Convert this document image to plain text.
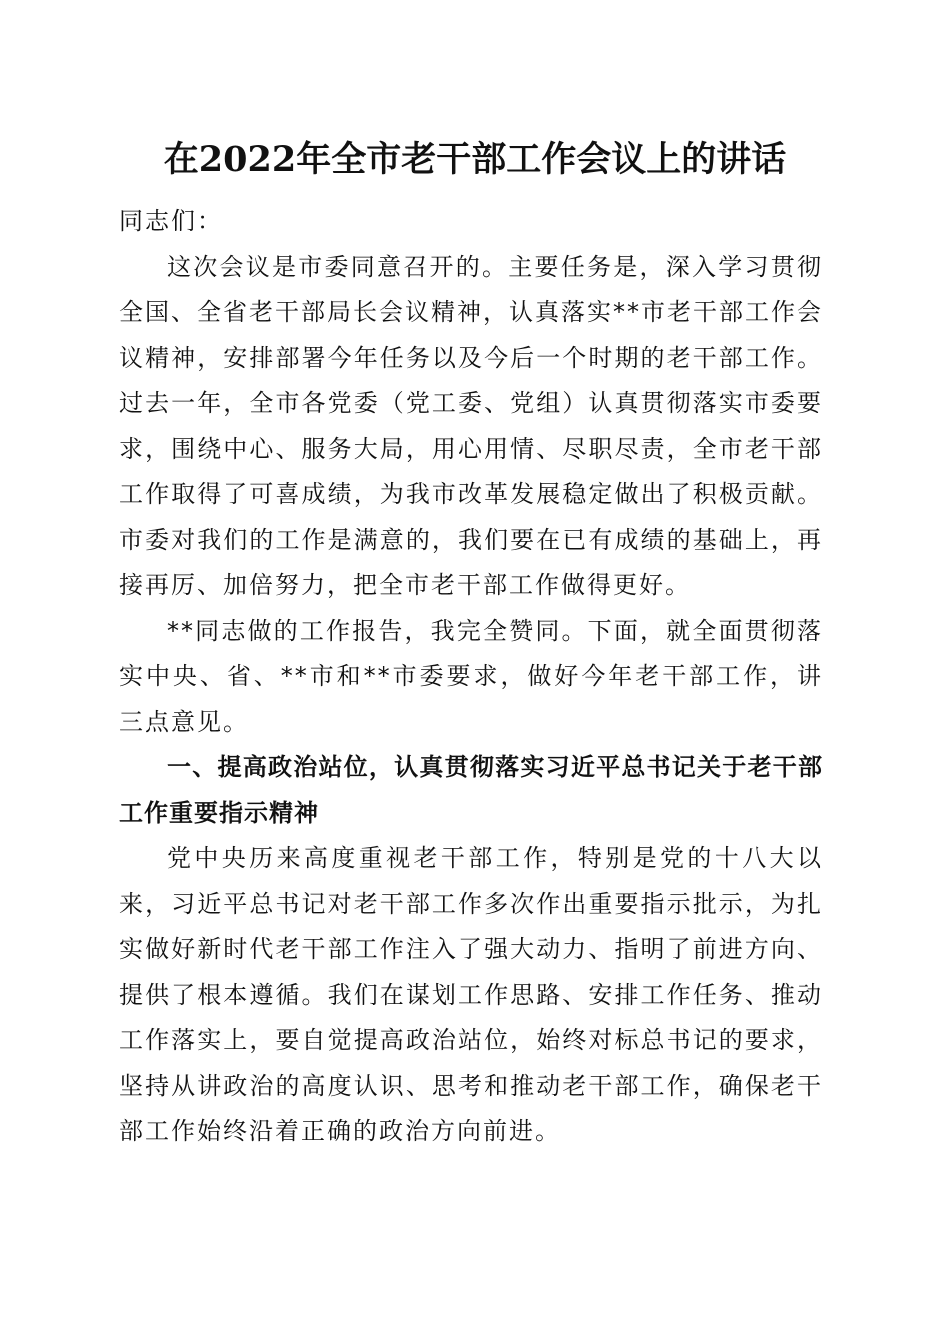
在2022年全市老干部工作会议上的讲话

同志们：

这次会议是市委同意召开的。主要任务是，深入学习贯彻全国、全省老干部局长会议精神，认真落实**市老干部工作会议精神，安排部署今年任务以及今后一个时期的老干部工作。过去一年，全市各党委（党工委、党组）认真贯彻落实市委要求，围绕中心、服务大局，用心用情、尽职尽责，全市老干部工作取得了可喜成绩，为我市改革发展稳定做出了积极贡献。市委对我们的工作是满意的，我们要在已有成绩的基础上，再接再厉、加倍努力，把全市老干部工作做得更好。

**同志做的工作报告，我完全赞同。下面，就全面贯彻落实中央、省、**市和**市委要求，做好今年老干部工作，讲三点意见。

一、提高政治站位，认真贯彻落实习近平总书记关于老干部工作重要指示精神

党中央历来高度重视老干部工作，特别是党的十八大以来，习近平总书记对老干部工作多次作出重要指示批示，为扎实做好新时代老干部工作注入了强大动力、指明了前进方向、提供了根本遵循。我们在谋划工作思路、安排工作任务、推动工作落实上，要自觉提高政治站位，始终对标总书记的要求，坚持从讲政治的高度认识、思考和推动老干部工作，确保老干部工作始终沿着正确的政治方向前进。
